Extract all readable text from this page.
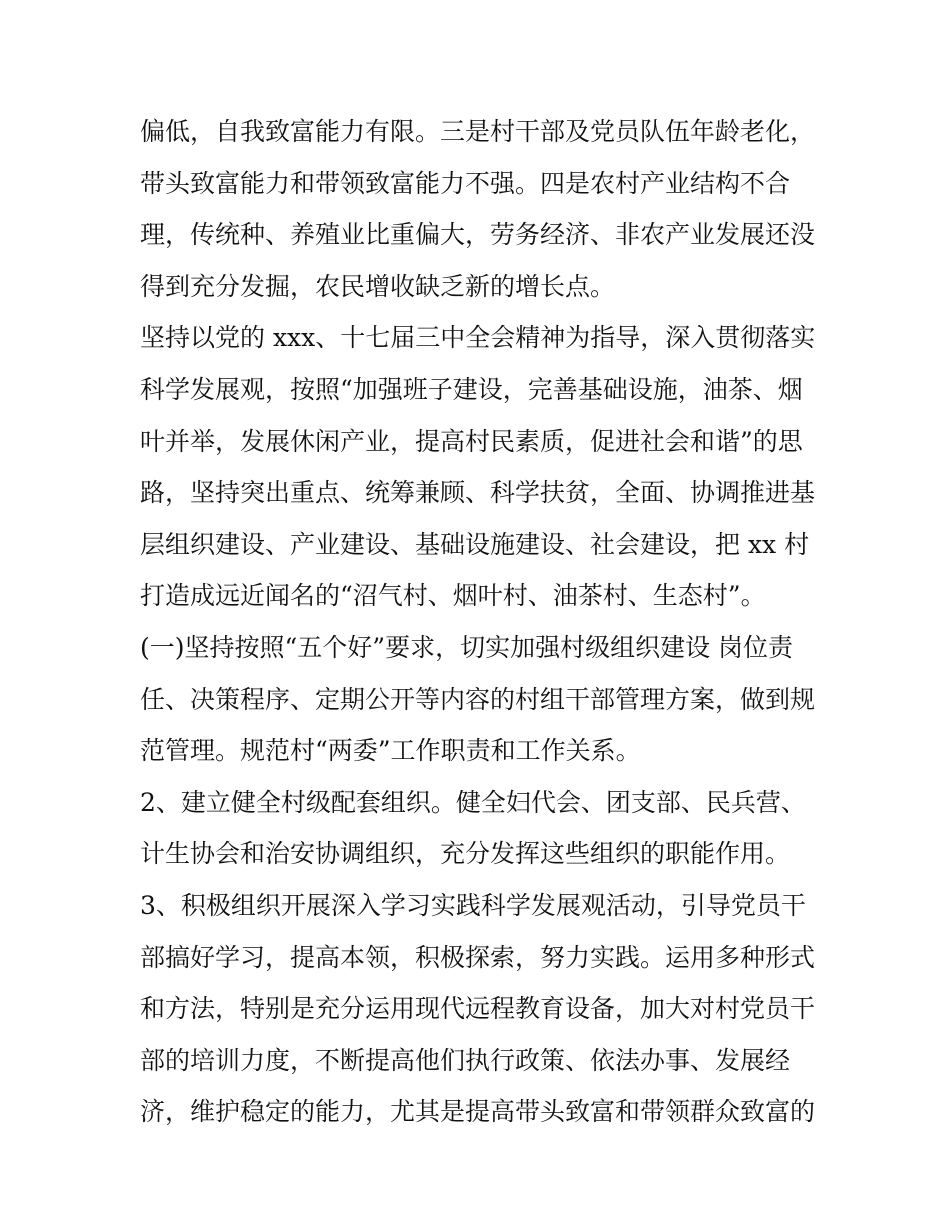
偏低，自我致富能力有限。三是村干部及党员队伍年龄老化，
带头致富能力和带领致富能力不强。四是农村产业结构不合
理，传统种、养殖业比重偏大，劳务经济、非农产业发展还没
得到充分发掘，农民增收缺乏新的增长点。
坚持以党的 xxx、十七届三中全会精神为指导，深入贯彻落实
科学发展观，按照“加强班子建设，完善基础设施，油茶、烟
叶并举，发展休闲产业，提高村民素质，促进社会和谐”的思
路，坚持突出重点、统筹兼顾、科学扶贫，全面、协调推进基
层组织建设、产业建设、基础设施建设、社会建设，把 xx 村
打造成远近闻名的“沼气村、烟叶村、油茶村、生态村”。
(一)坚持按照“五个好”要求，切实加强村级组织建设 岗位责
任、决策程序、定期公开等内容的村组干部管理方案，做到规
范管理。规范村“两委”工作职责和工作关系。
2、建立健全村级配套组织。健全妇代会、团支部、民兵营、
计生协会和治安协调组织，充分发挥这些组织的职能作用。
3、积极组织开展深入学习实践科学发展观活动，引导党员干
部搞好学习，提高本领，积极探索，努力实践。运用多种形式
和方法，特别是充分运用现代远程教育设备，加大对村党员干
部的培训力度，不断提高他们执行政策、依法办事、发展经
济，维护稳定的能力，尤其是提高带头致富和带领群众致富的
